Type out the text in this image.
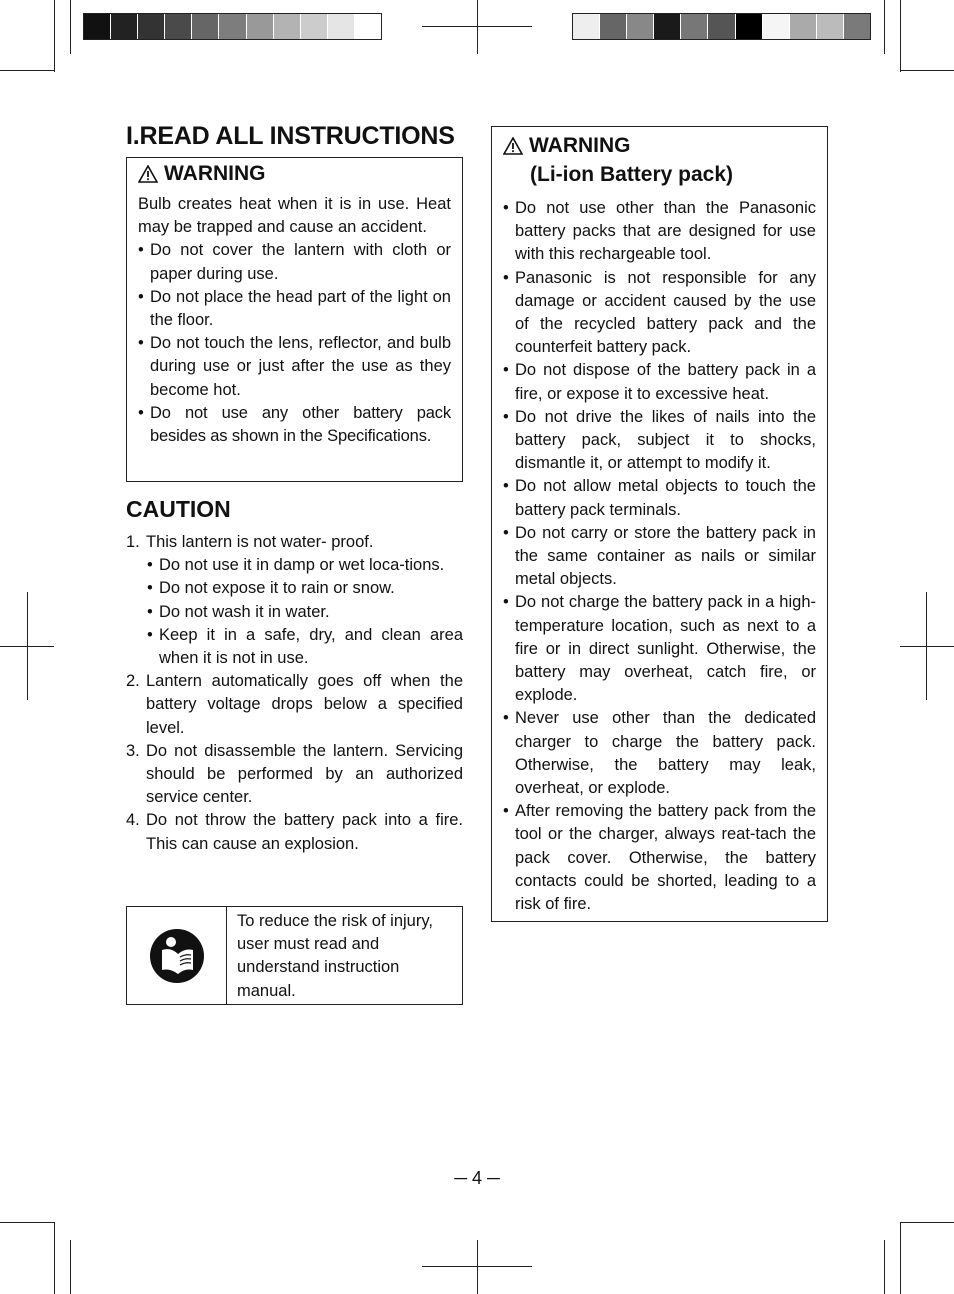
I.READ ALL INSTRUCTIONS
WARNING

Bulb creates heat when it is in use. Heat may be trapped and cause an accident.

• Do not cover the lantern with cloth or paper during use.

• Do not place the head part of the light on the floor.

• Do not touch the lens, reflector, and bulb during use or just after the use as they become hot.

• Do not use any other battery pack besides as shown in the Specifications.

CAUTION

1. This lantern is not water- proof.

• Do not use it in damp or wet loca-tions.

• Do not expose it to rain or snow.

• Do not wash it in water.

• Keep it in a safe, dry, and clean area when it is not in use.

2. Lantern automatically goes off when the battery voltage drops below a specified level.

3. Do not disassemble the lantern. Servicing should be performed by an authorized service center.

4. Do not throw the battery pack into a fire. This can cause an explosion.

To reduce the risk of injury, user must read and understand instruction manual.
WARNING
(Li-ion Battery pack)

• Do not use other than the Panasonic battery packs that are designed for use with this rechargeable tool.

• Panasonic is not responsible for any damage or accident caused by the use of the recycled battery pack and the counterfeit battery pack.

• Do not dispose of the battery pack in a fire, or expose it to excessive heat.

• Do not drive the likes of nails into the battery pack, subject it to shocks, dismantle it, or attempt to modify it.

• Do not allow metal objects to touch the battery pack terminals.

• Do not carry or store the battery pack in the same container as nails or similar metal objects.

• Do not charge the battery pack in a high-temperature location, such as next to a fire or in direct sunlight. Otherwise, the battery may overheat, catch fire, or explode.

• Never use other than the dedicated charger to charge the battery pack. Otherwise, the battery may leak, overheat, or explode.

• After removing the battery pack from the tool or the charger, always reat-tach the pack cover. Otherwise, the battery contacts could be shorted, leading to a risk of fire.

─ 4 ─
